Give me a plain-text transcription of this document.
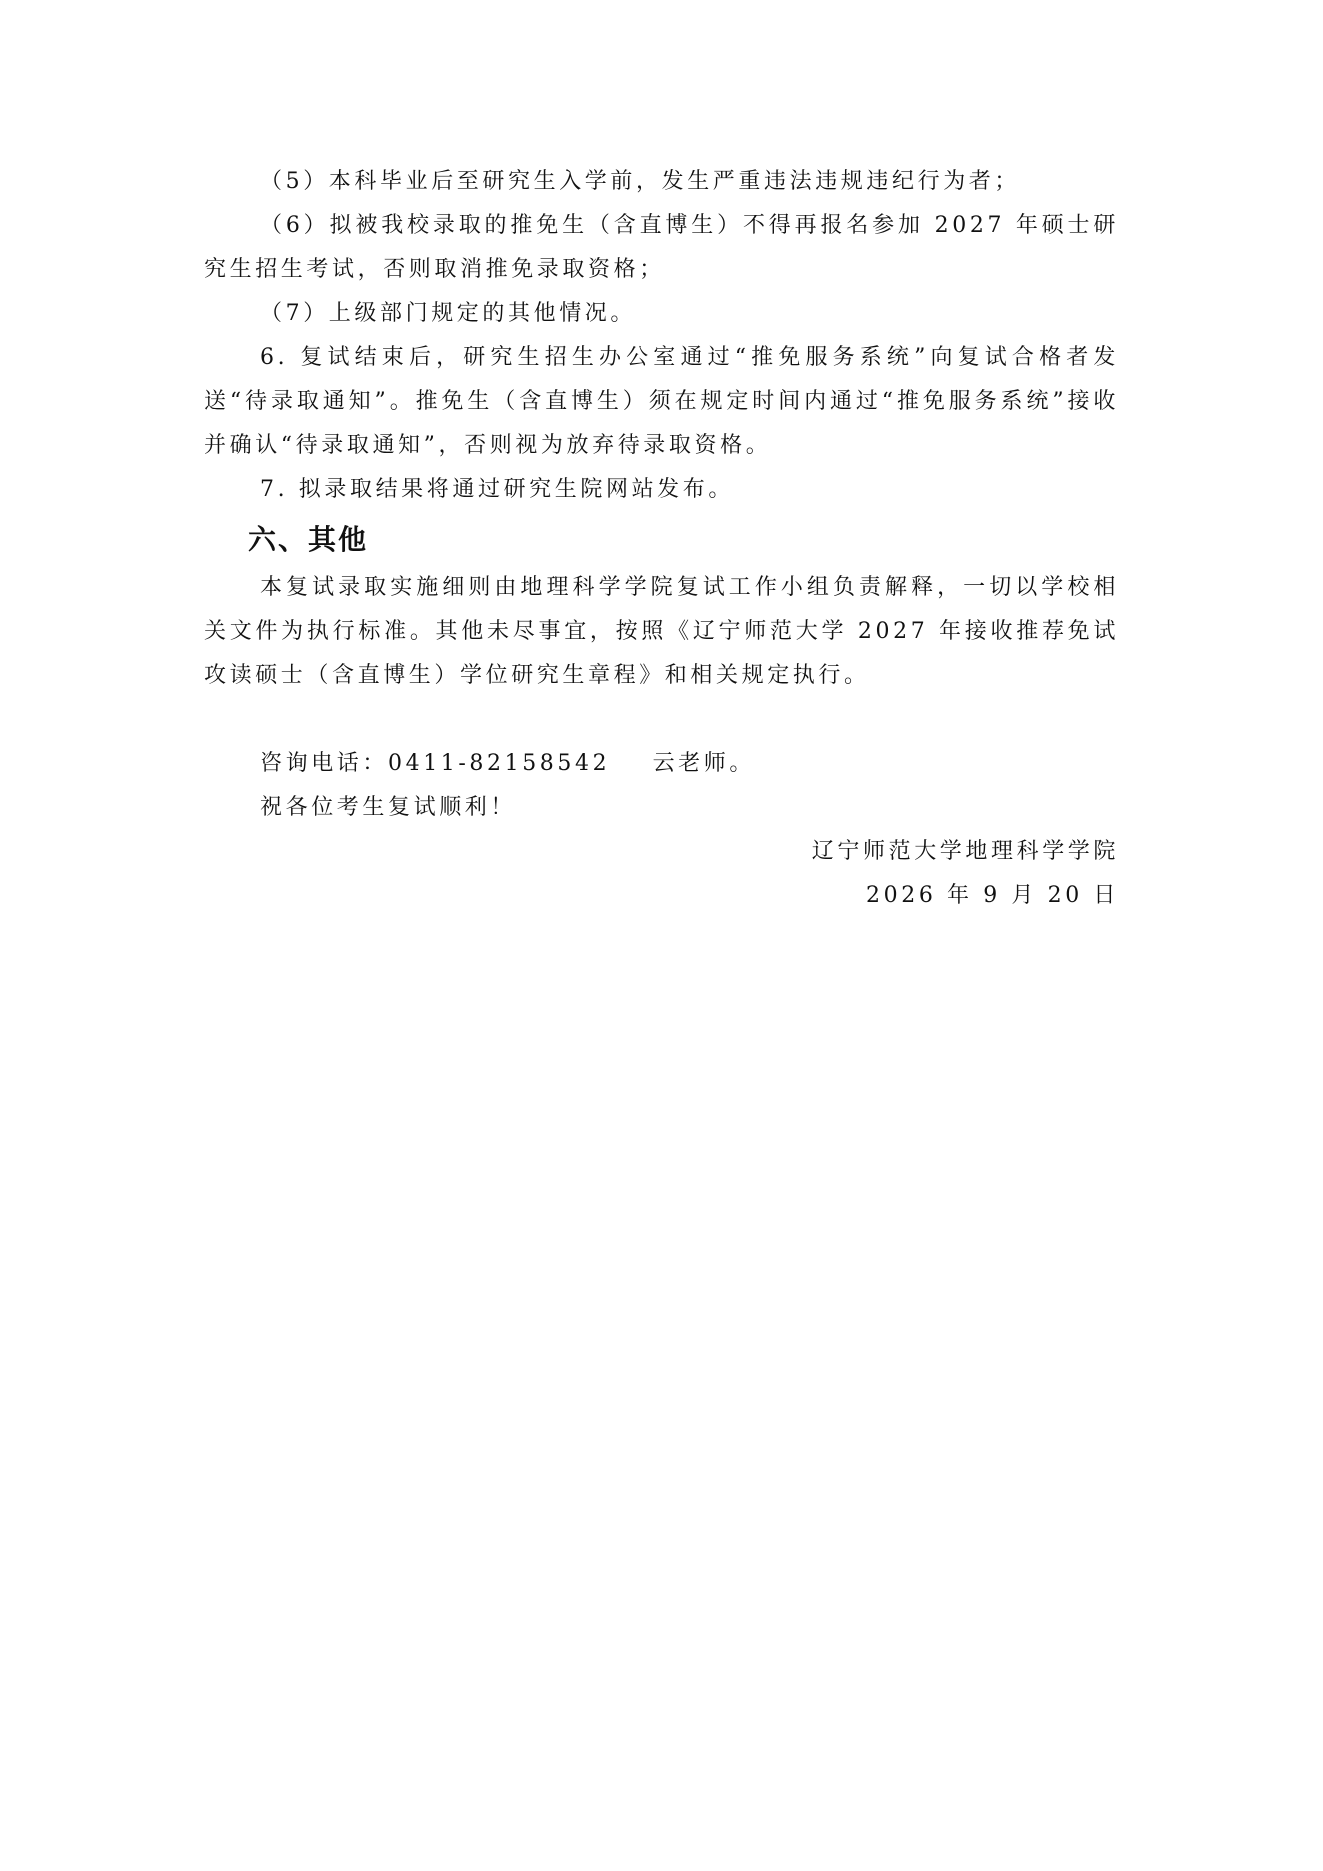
（5）本科毕业后至研究生入学前，发生严重违法违规违纪行为者；

（6）拟被我校录取的推免生（含直博生）不得再报名参加 2027 年硕士研究生招生考试，否则取消推免录取资格；

（7）上级部门规定的其他情况。

6. 复试结束后，研究生招生办公室通过“推免服务系统”向复试合格者发送“待录取通知”。推免生（含直博生）须在规定时间内通过“推免服务系统”接收并确认“待录取通知”，否则视为放弃待录取资格。

7. 拟录取结果将通过研究生院网站发布。

六、其他

本复试录取实施细则由地理科学学院复试工作小组负责解释，一切以学校相关文件为执行标准。其他未尽事宜，按照《辽宁师范大学 2027 年接收推荐免试攻读硕士（含直博生）学位研究生章程》和相关规定执行。

咨询电话：0411-82158542    云老师。

祝各位考生复试顺利！

辽宁师范大学地理科学学院

2026 年 9 月 20 日
